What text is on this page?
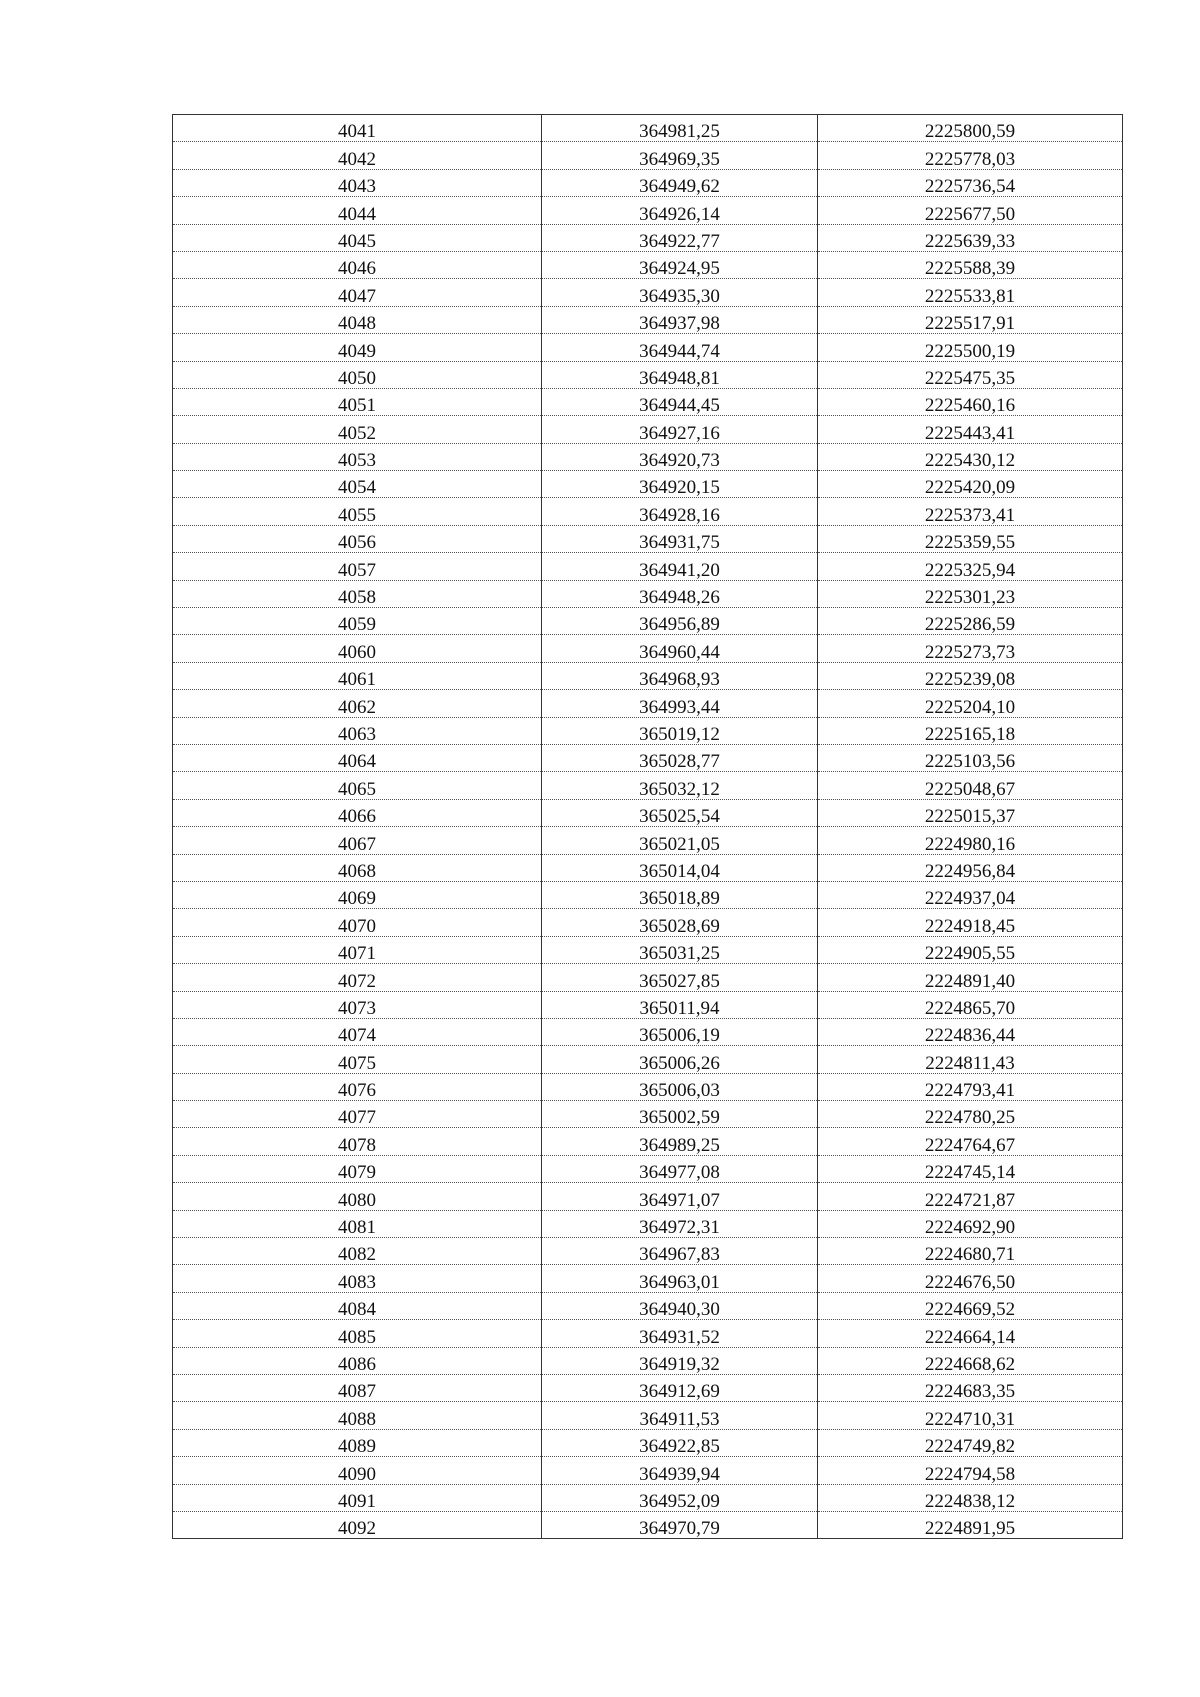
4041	364981,25	2225800,59
4042	364969,35	2225778,03
4043	364949,62	2225736,54
4044	364926,14	2225677,50
4045	364922,77	2225639,33
4046	364924,95	2225588,39
4047	364935,30	2225533,81
4048	364937,98	2225517,91
4049	364944,74	2225500,19
4050	364948,81	2225475,35
4051	364944,45	2225460,16
4052	364927,16	2225443,41
4053	364920,73	2225430,12
4054	364920,15	2225420,09
4055	364928,16	2225373,41
4056	364931,75	2225359,55
4057	364941,20	2225325,94
4058	364948,26	2225301,23
4059	364956,89	2225286,59
4060	364960,44	2225273,73
4061	364968,93	2225239,08
4062	364993,44	2225204,10
4063	365019,12	2225165,18
4064	365028,77	2225103,56
4065	365032,12	2225048,67
4066	365025,54	2225015,37
4067	365021,05	2224980,16
4068	365014,04	2224956,84
4069	365018,89	2224937,04
4070	365028,69	2224918,45
4071	365031,25	2224905,55
4072	365027,85	2224891,40
4073	365011,94	2224865,70
4074	365006,19	2224836,44
4075	365006,26	2224811,43
4076	365006,03	2224793,41
4077	365002,59	2224780,25
4078	364989,25	2224764,67
4079	364977,08	2224745,14
4080	364971,07	2224721,87
4081	364972,31	2224692,90
4082	364967,83	2224680,71
4083	364963,01	2224676,50
4084	364940,30	2224669,52
4085	364931,52	2224664,14
4086	364919,32	2224668,62
4087	364912,69	2224683,35
4088	364911,53	2224710,31
4089	364922,85	2224749,82
4090	364939,94	2224794,58
4091	364952,09	2224838,12
4092	364970,79	2224891,95
